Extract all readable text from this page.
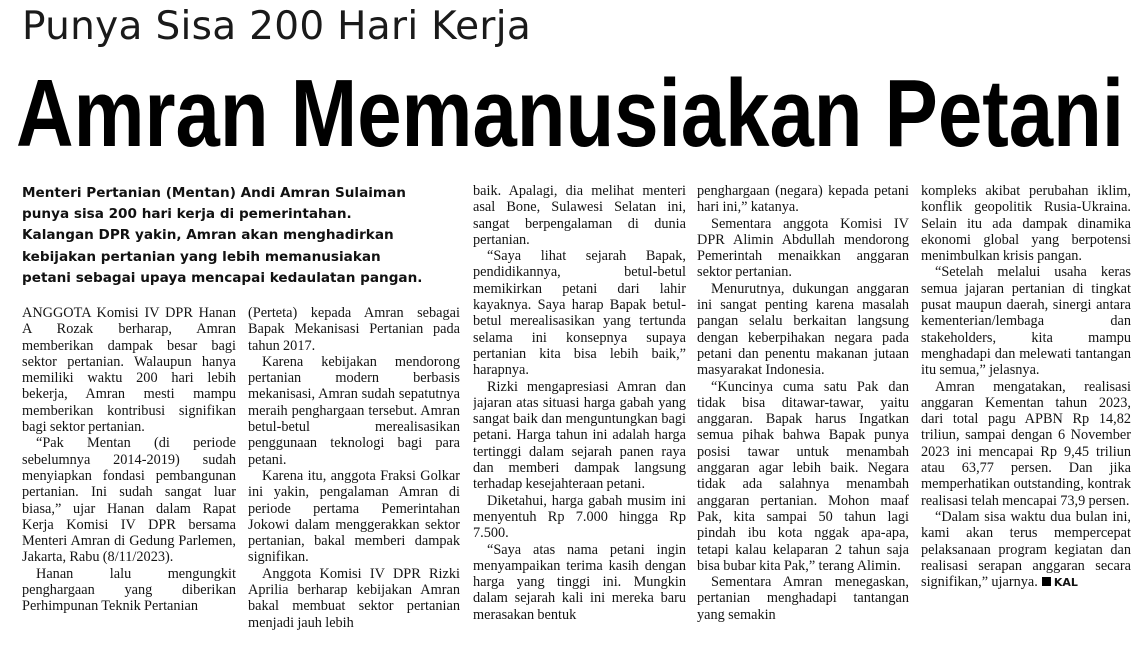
Punya Sisa 200 Hari Kerja
Amran Memanusiakan Petani

Menteri Pertanian (Mentan) Andi Amran Sulaiman punya sisa 200 hari kerja di pemerintahan. Kalangan DPR yakin, Amran akan menghadirkan kebijakan pertanian yang lebih memanusiakan petani sebagai upaya mencapai kedaulatan pangan.

ANGGOTA Komisi IV DPR Hanan A Rozak berharap, Amran memberikan dampak besar bagi sektor pertanian. Walaupun hanya memiliki waktu 200 hari lebih bekerja, Amran mesti mampu memberikan kontribusi signifikan bagi sektor pertanian.

“Pak Mentan (di periode sebelumnya 2014-2019) sudah menyiapkan fondasi pembangunan pertanian. Ini sudah sangat luar biasa,” ujar Hanan dalam Rapat Kerja Komisi IV DPR bersama Menteri Amran di Gedung Parlemen, Jakarta, Rabu (8/11/2023).

Hanan lalu mengungkit penghargaan yang diberikan Perhimpunan Teknik Pertanian

(Perteta) kepada Amran sebagai Bapak Mekanisasi Pertanian pada tahun 2017.

Karena kebijakan mendorong pertanian modern berbasis mekanisasi, Amran sudah sepatutnya meraih penghargaan tersebut. Amran betul-betul merealisasikan penggunaan teknologi bagi para petani.

Karena itu, anggota Fraksi Golkar ini yakin, pengalaman Amran di periode pertama Pemerintahan Jokowi dalam menggerakkan sektor pertanian, bakal memberi dampak signifikan.

Anggota Komisi IV DPR Rizki Aprilia berharap kebijakan Amran bakal membuat sektor pertanian menjadi jauh lebih

baik. Apalagi, dia melihat menteri asal Bone, Sulawesi Selatan ini, sangat berpengalaman di dunia pertanian.

“Saya lihat sejarah Bapak, pendidikannya, betul-betul memikirkan petani dari lahir kayaknya. Saya harap Bapak betul-betul merealisasikan yang tertunda selama ini konsepnya supaya pertanian kita bisa lebih baik,” harapnya.

Rizki mengapresiasi Amran dan jajaran atas situasi harga gabah yang sangat baik dan menguntungkan bagi petani. Harga tahun ini adalah harga tertinggi dalam sejarah panen raya dan memberi dampak langsung terhadap kesejahteraan petani.

Diketahui, harga gabah musim ini menyentuh Rp 7.000 hingga Rp 7.500.

“Saya atas nama petani ingin menyampaikan terima kasih dengan harga yang tinggi ini. Mungkin dalam sejarah kali ini mereka baru merasakan bentuk

penghargaan (negara) kepada petani hari ini,” katanya.

Sementara anggota Komisi IV DPR Alimin Abdullah mendorong Pemerintah menaikkan anggaran sektor pertanian.

Menurutnya, dukungan anggaran ini sangat penting karena masalah pangan selalu berkaitan langsung dengan keberpihakan negara pada petani dan penentu makanan jutaan masyarakat Indonesia.

“Kuncinya cuma satu Pak dan tidak bisa ditawar-tawar, yaitu anggaran. Bapak harus Ingatkan semua pihak bahwa Bapak punya posisi tawar untuk menambah anggaran agar lebih baik. Negara tidak ada salahnya menambah anggaran pertanian. Mohon maaf Pak, kita sampai 50 tahun lagi pindah ibu kota nggak apa-apa, tetapi kalau kelaparan 2 tahun saja bisa bubar kita Pak,” terang Alimin.

Sementara Amran menegaskan, pertanian menghadapi tantangan yang semakin

kompleks akibat perubahan iklim, konflik geopolitik Rusia-Ukraina. Selain itu ada dampak dinamika ekonomi global yang berpotensi menimbulkan krisis pangan.

“Setelah melalui usaha keras semua jajaran pertanian di tingkat pusat maupun daerah, sinergi antara kementerian/lembaga dan stakeholders, kita mampu menghadapi dan melewati tantangan itu semua,” jelasnya.

Amran mengatakan, realisasi anggaran Kementan tahun 2023, dari total pagu APBN Rp 14,82 triliun, sampai dengan 6 November 2023 ini mencapai Rp 9,45 triliun atau 63,77 persen. Dan jika memperhatikan outstanding, kontrak realisasi telah mencapai 73,9 persen.

“Dalam sisa waktu dua bulan ini, kami akan terus mempercepat pelaksanaan program kegiatan dan realisasi serapan anggaran secara signifikan,” ujarnya. KAL
